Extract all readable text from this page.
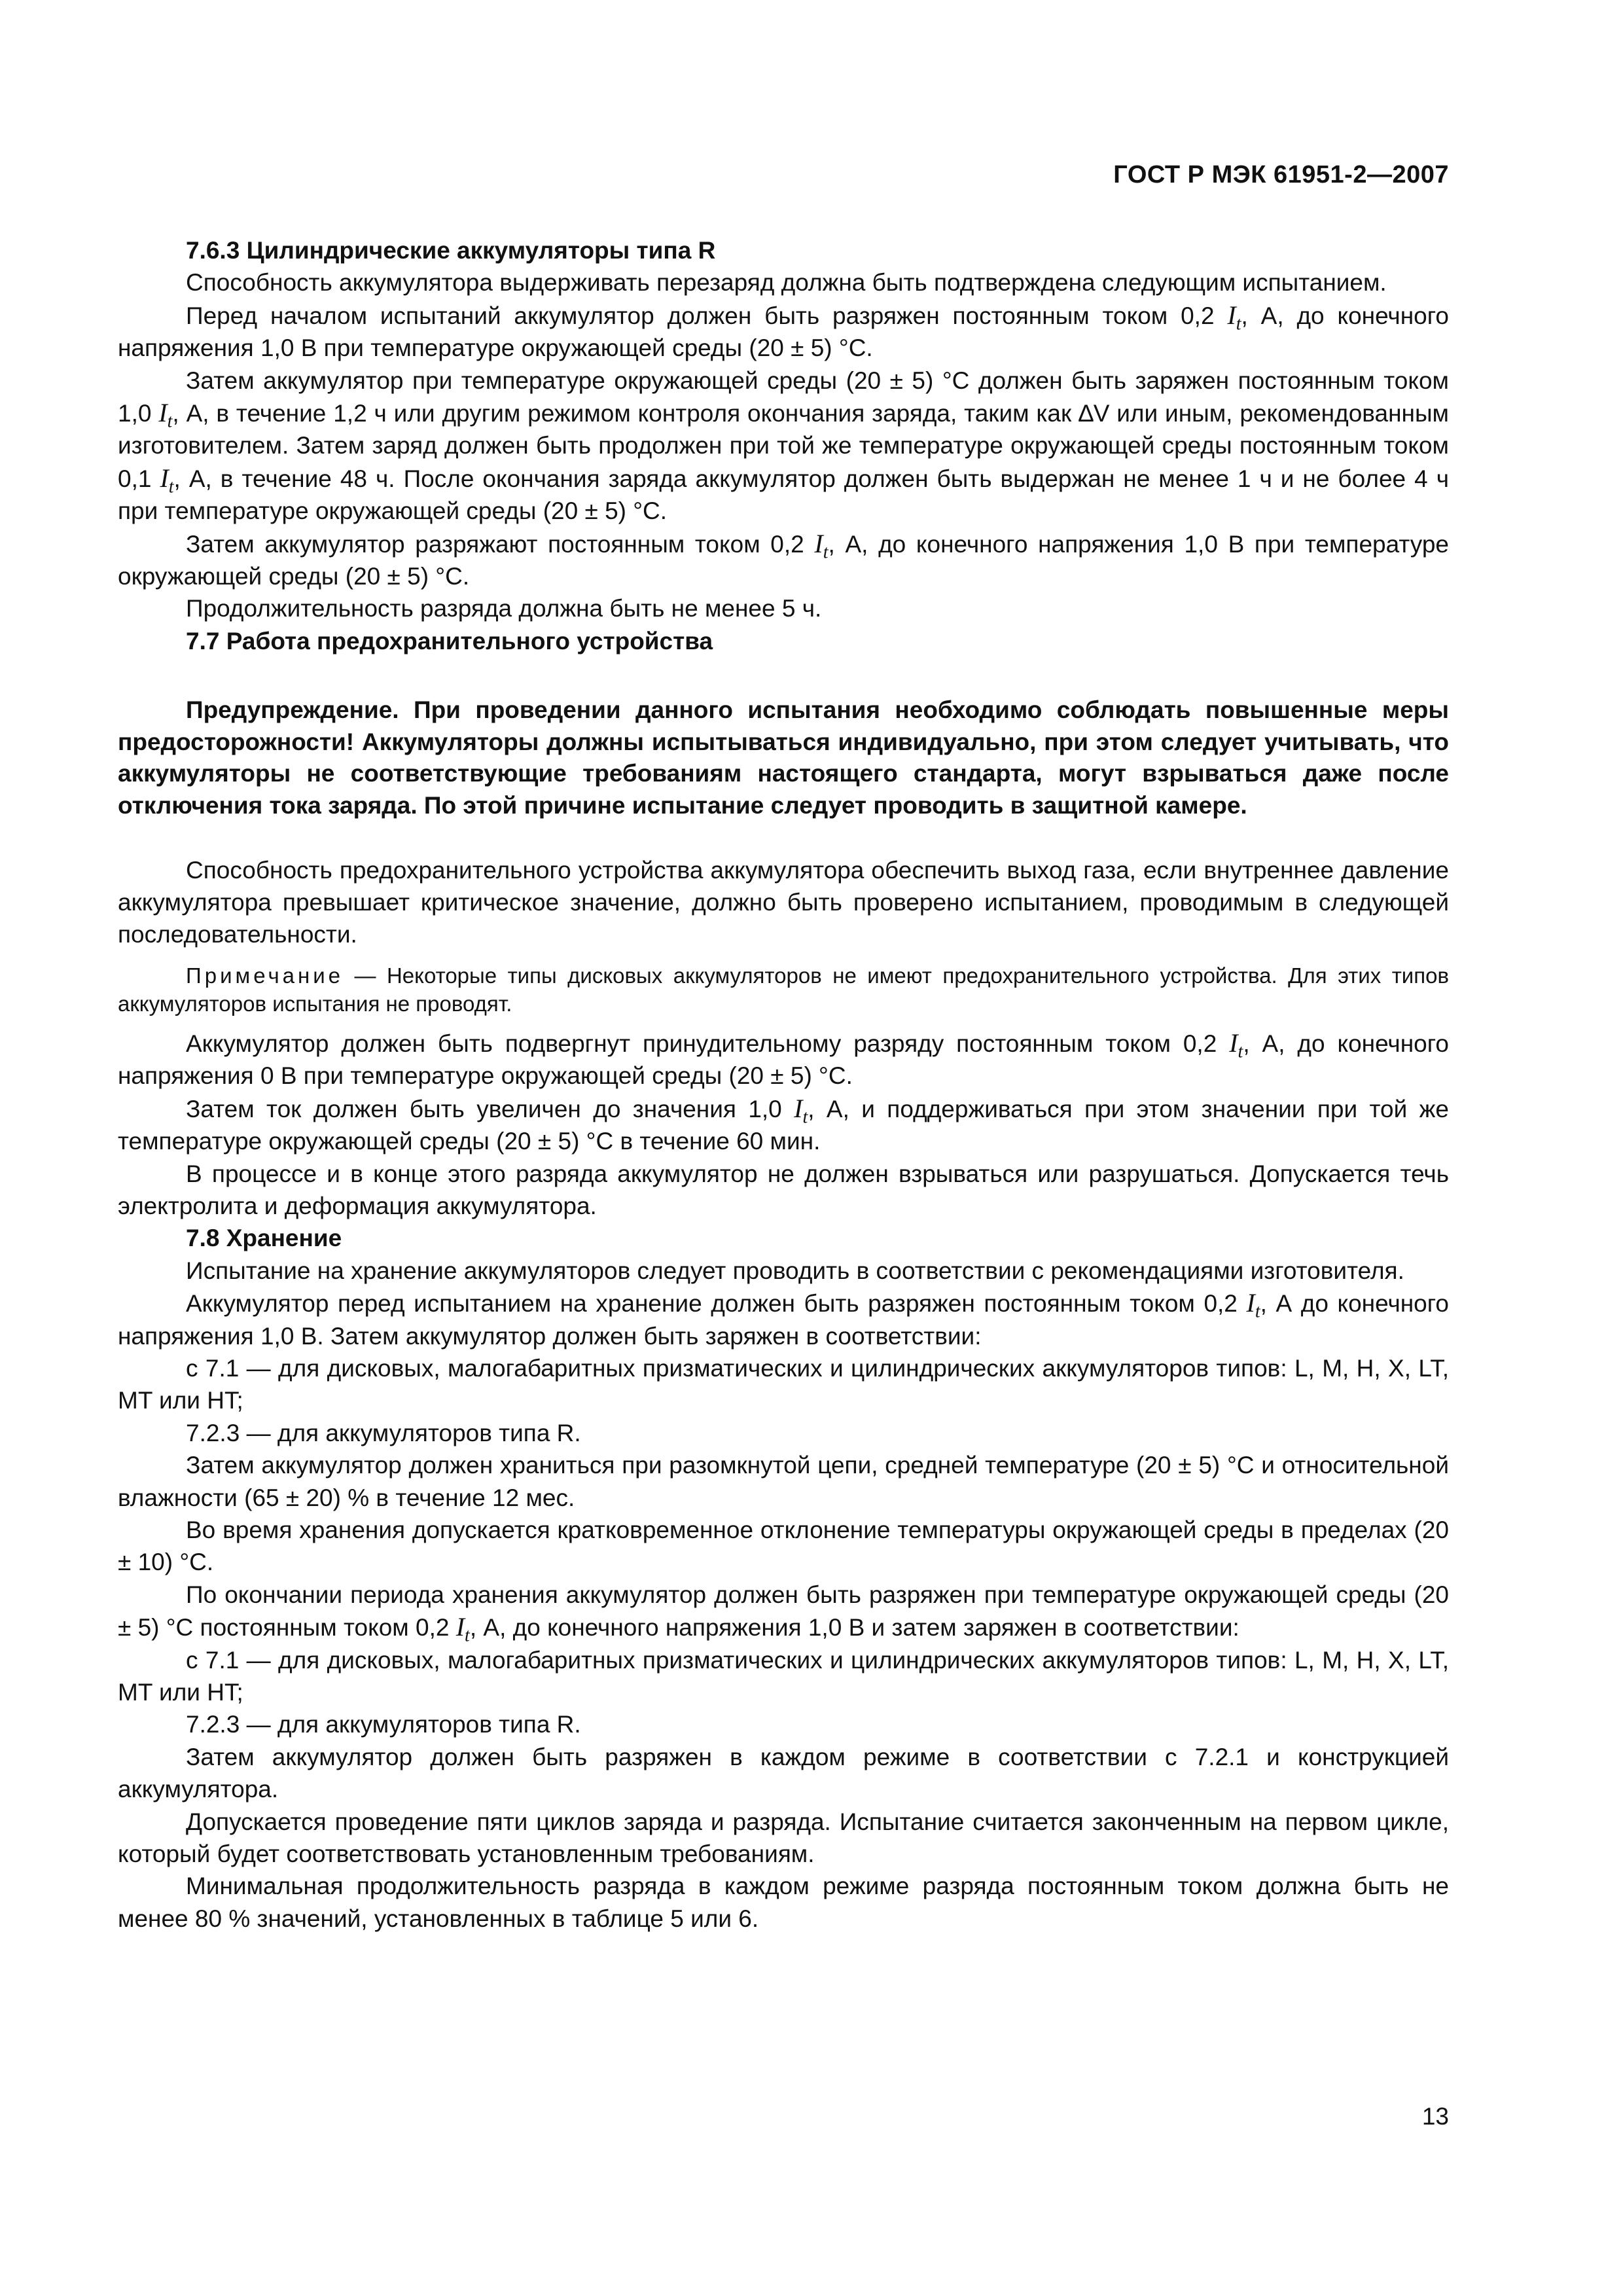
ГОСТ Р МЭК 61951-2—2007

7.6.3 Цилиндрические аккумуляторы типа R

Способность аккумулятора выдерживать перезаряд должна быть подтверждена следующим испытанием.

Перед началом испытаний аккумулятор должен быть разряжен постоянным током 0,2 $I_t$, А, до конечного напряжения 1,0 В при температуре окружающей среды (20 ± 5) °С.

Затем аккумулятор при температуре окружающей среды (20 ± 5) °С должен быть заряжен постоянным током 1,0 $I_t$, А, в течение 1,2 ч или другим режимом контроля окончания заряда, таким как ∆V или иным, рекомендованным изготовителем. Затем заряд должен быть продолжен при той же температуре окружающей среды постоянным током 0,1 $I_t$, А, в течение 48 ч. После окончания заряда аккумулятор должен быть выдержан не менее 1 ч и не более 4 ч при температуре окружающей среды (20 ± 5) °С.

Затем аккумулятор разряжают постоянным током 0,2 $I_t$, А, до конечного напряжения 1,0 В при температуре окружающей среды (20 ± 5) °С.

Продолжительность разряда должна быть не менее 5 ч.

7.7 Работа предохранительного устройства

Предупреждение. При проведении данного испытания необходимо соблюдать повышенные меры предосторожности! Аккумуляторы должны испытываться индивидуально, при этом следует учитывать, что аккумуляторы не соответствующие требованиям настоящего стандарта, могут взрываться даже после отключения тока заряда. По этой причине испытание следует проводить в защитной камере.

Способность предохранительного устройства аккумулятора обеспечить выход газа, если внутреннее давление аккумулятора превышает критическое значение, должно быть проверено испытанием, проводимым в следующей последовательности.

Примечание — Некоторые типы дисковых аккумуляторов не имеют предохранительного устройства. Для этих типов аккумуляторов испытания не проводят.

Аккумулятор должен быть подвергнут принудительному разряду постоянным током 0,2 $I_t$, А, до конечного напряжения 0 В при температуре окружающей среды (20 ± 5) °С.

Затем ток должен быть увеличен до значения 1,0 $I_t$, А, и поддерживаться при этом значении при той же температуре окружающей среды (20 ± 5) °С в течение 60 мин.

В процессе и в конце этого разряда аккумулятор не должен взрываться или разрушаться. Допускается течь электролита и деформация аккумулятора.

7.8 Хранение

Испытание на хранение аккумуляторов следует проводить в соответствии с рекомендациями изготовителя.

Аккумулятор перед испытанием на хранение должен быть разряжен постоянным током 0,2 $I_t$, А до конечного напряжения 1,0 В. Затем аккумулятор должен быть заряжен в соответствии:

с 7.1 — для дисковых, малогабаритных призматических и цилиндрических аккумуляторов типов: L, M, H, X, LT, MT или HT;

7.2.3 — для аккумуляторов типа R.

Затем аккумулятор должен храниться при разомкнутой цепи, средней температуре (20 ± 5) °С и относительной влажности (65 ± 20) % в течение 12 мес.

Во время хранения допускается кратковременное отклонение температуры окружающей среды в пределах (20 ± 10) °С.

По окончании периода хранения аккумулятор должен быть разряжен при температуре окружающей среды (20 ± 5) °С постоянным током 0,2 $I_t$, А, до конечного напряжения 1,0 В и затем заряжен в соответствии:

с 7.1 — для дисковых, малогабаритных призматических и цилиндрических аккумуляторов типов: L, M, H, X, LT, MT или HT;

7.2.3 — для аккумуляторов типа R.

Затем аккумулятор должен быть разряжен в каждом режиме в соответствии с 7.2.1 и конструкцией аккумулятора.

Допускается проведение пяти циклов заряда и разряда. Испытание считается законченным на первом цикле, который будет соответствовать установленным требованиям.

Минимальная продолжительность разряда в каждом режиме разряда постоянным током должна быть не менее 80 % значений, установленных в таблице 5 или 6.

13
